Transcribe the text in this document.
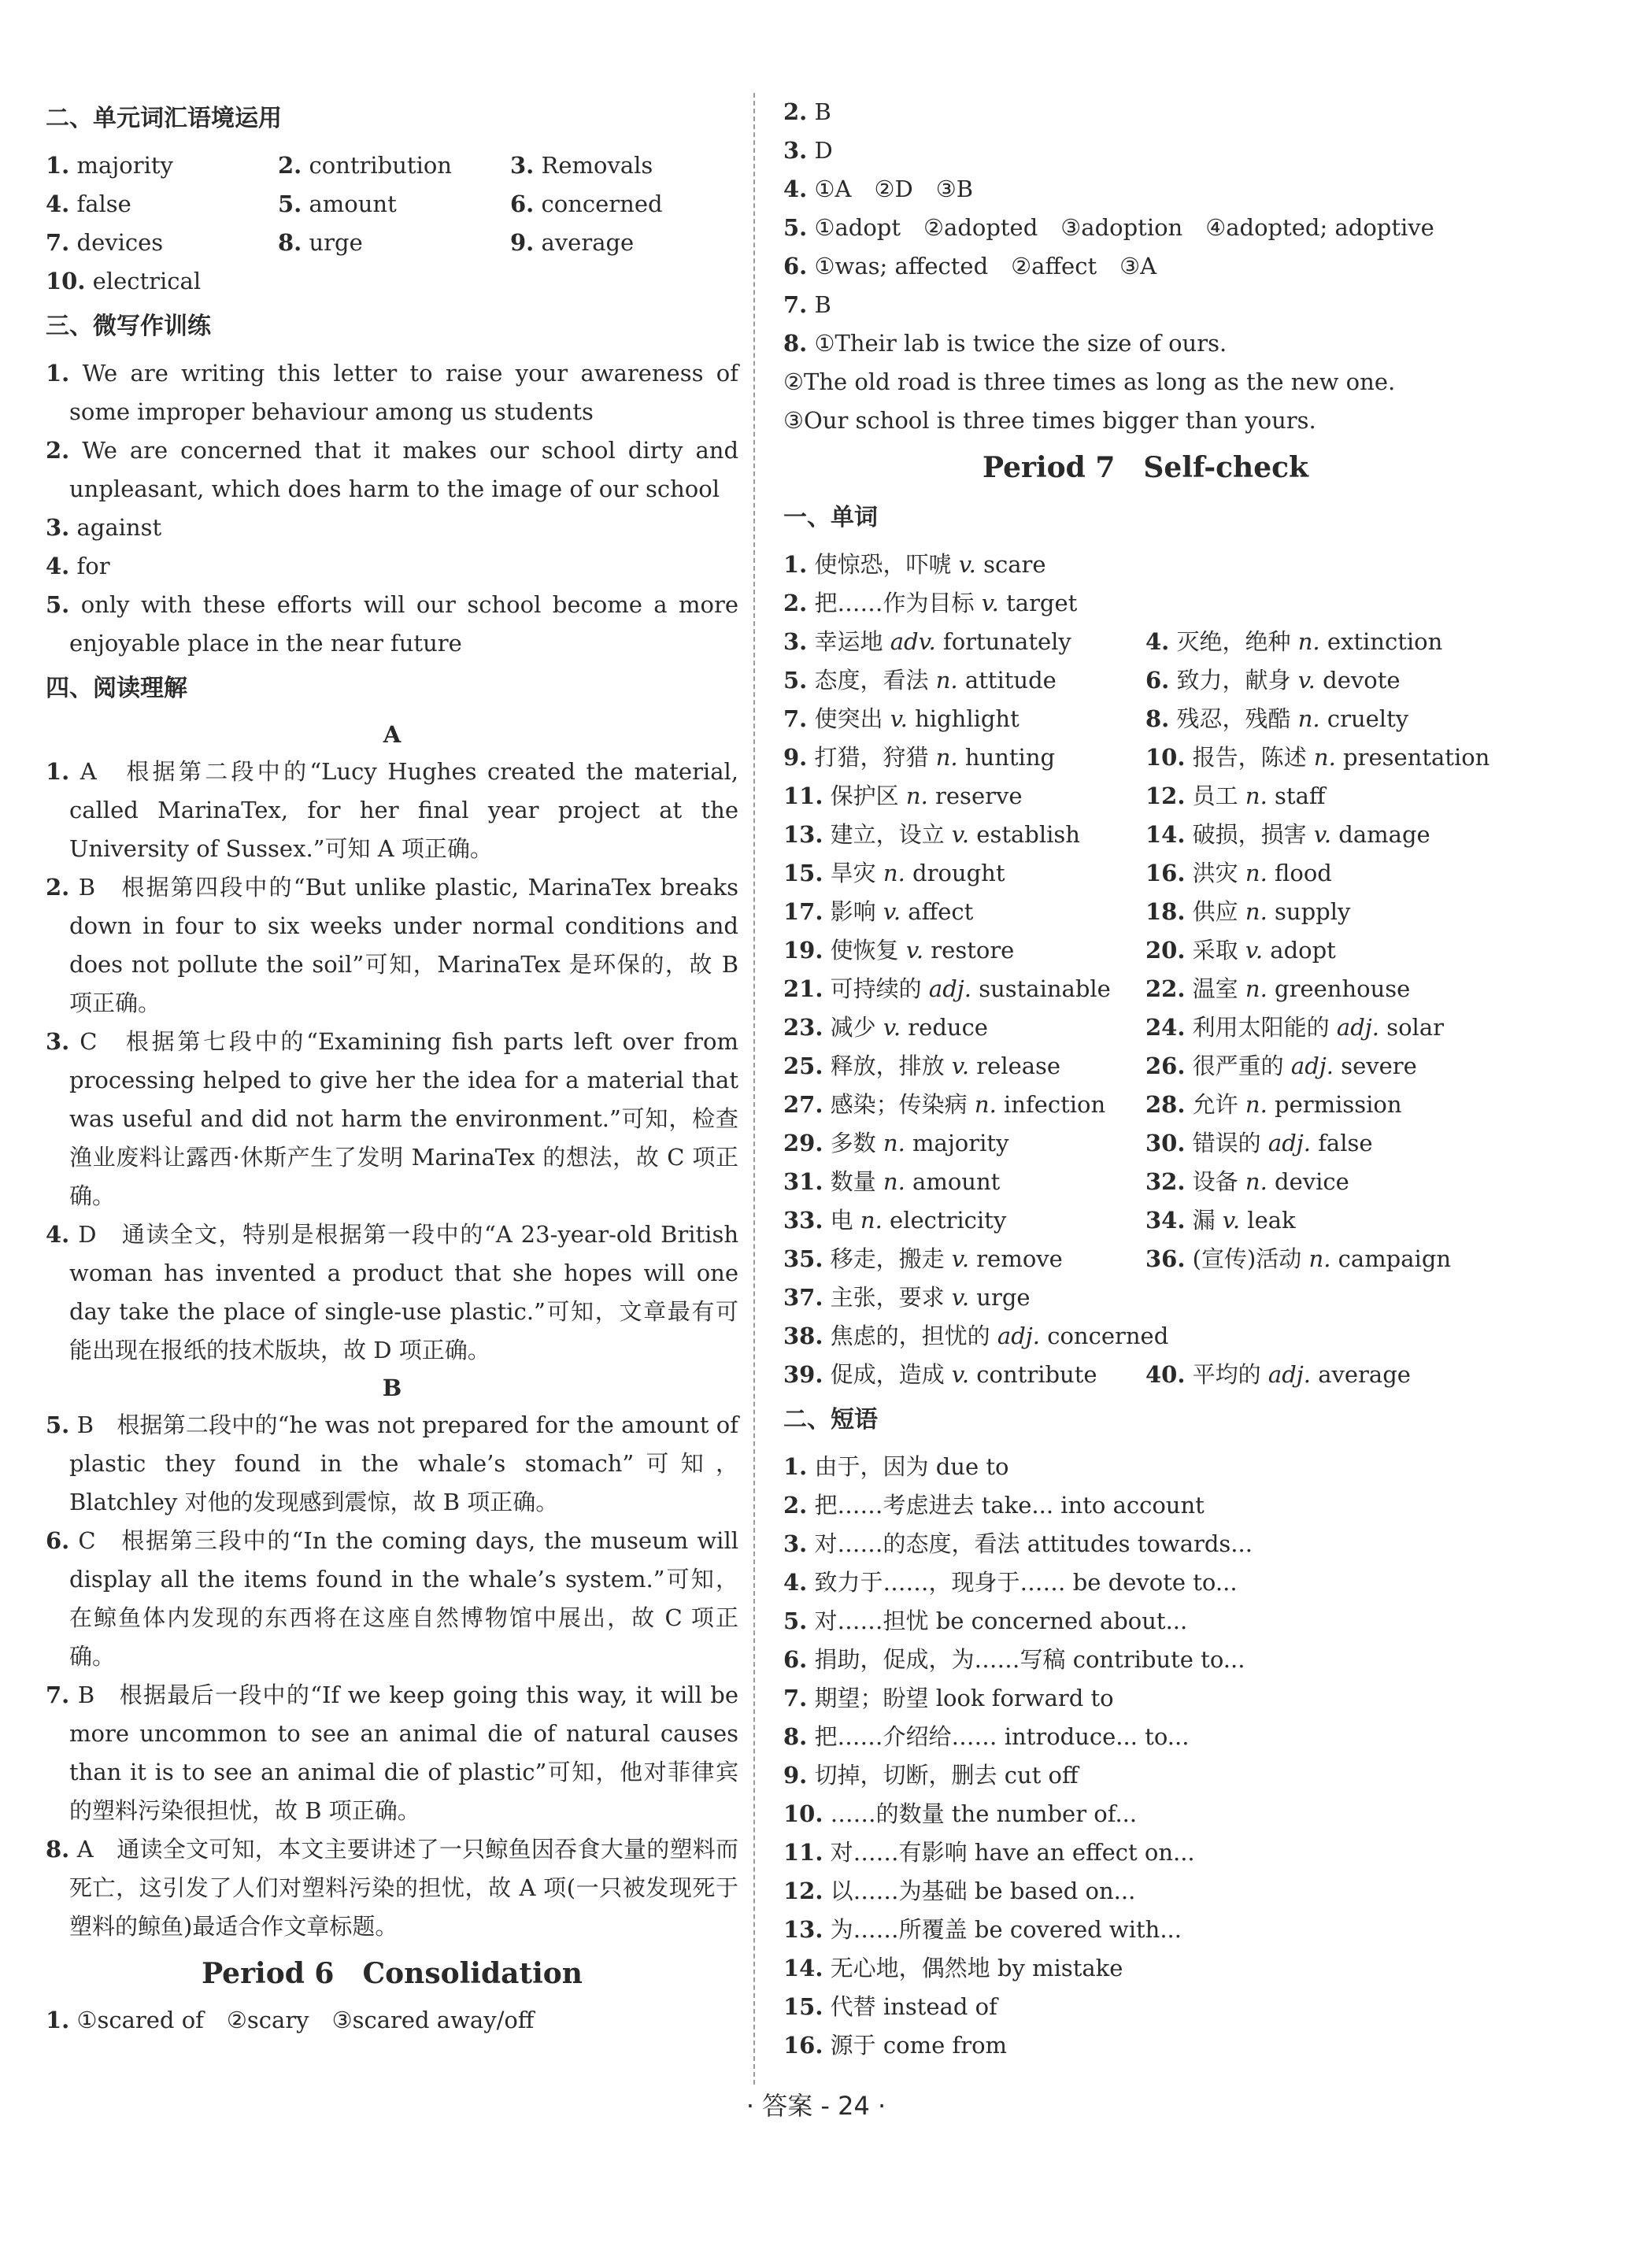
二、单元词汇语境运用
1. majority	2. contribution	3. Removals
4. false	5. amount	6. concerned
7. devices	8. urge	9. average
10. electrical
三、微写作训练
1. We are writing this letter to raise your awareness of some improper behaviour among us students
2. We are concerned that it makes our school dirty and unpleasant, which does harm to the image of our school
3. against
4. for
5. only with these efforts will our school become a more enjoyable place in the near future
四、阅读理解
A
1. A　根据第二段中的“Lucy Hughes created the material, called MarinaTex, for her final year project at the University of Sussex.”可知 A 项正确。
2. B　根据第四段中的“But unlike plastic, MarinaTex breaks down in four to six weeks under normal conditions and does not pollute the soil”可知，MarinaTex 是环保的，故 B 项正确。
3. C　根据第七段中的“Examining fish parts left over from processing helped to give her the idea for a material that was useful and did not harm the environment.”可知，检查渔业废料让露西·休斯产生了发明 MarinaTex 的想法，故 C 项正确。
4. D　通读全文，特别是根据第一段中的“A 23-year-old British woman has invented a product that she hopes will one day take the place of single-use plastic.”可知，文章最有可能出现在报纸的技术版块，故 D 项正确。
B
5. B　根据第二段中的“he was not prepared for the amount of plastic they found in the whale’s stomach”可知，Blatchley 对他的发现感到震惊，故 B 项正确。
6. C　根据第三段中的“In the coming days, the museum will display all the items found in the whale’s system.”可知，在鲸鱼体内发现的东西将在这座自然博物馆中展出，故 C 项正确。
7. B　根据最后一段中的“If we keep going this way, it will be more uncommon to see an animal die of natural causes than it is to see an animal die of plastic”可知，他对菲律宾的塑料污染很担忧，故 B 项正确。
8. A　通读全文可知，本文主要讲述了一只鲸鱼因吞食大量的塑料而死亡，这引发了人们对塑料污染的担忧，故 A 项(一只被发现死于塑料的鲸鱼)最适合作文章标题。
Period 6　Consolidation
1. ①scared of　②scary　③scared away/off
2. B
3. D
4. ①A　②D　③B
5. ①adopt　②adopted　③adoption　④adopted; adoptive
6. ①was; affected　②affect　③A
7. B
8. ①Their lab is twice the size of ours.
②The old road is three times as long as the new one.
③Our school is three times bigger than yours.
Period 7　Self-check
一、单词
1. 使惊恐，吓唬 v. scare
2. 把……作为目标 v. target
3. 幸运地 adv. fortunately	4. 灭绝，绝种 n. extinction
5. 态度，看法 n. attitude	6. 致力，献身 v. devote
7. 使突出 v. highlight	8. 残忍，残酷 n. cruelty
9. 打猎，狩猎 n. hunting	10. 报告，陈述 n. presentation
11. 保护区 n. reserve	12. 员工 n. staff
13. 建立，设立 v. establish	14. 破损，损害 v. damage
15. 旱灾 n. drought	16. 洪灾 n. flood
17. 影响 v. affect	18. 供应 n. supply
19. 使恢复 v. restore	20. 采取 v. adopt
21. 可持续的 adj. sustainable	22. 温室 n. greenhouse
23. 减少 v. reduce	24. 利用太阳能的 adj. solar
25. 释放，排放 v. release	26. 很严重的 adj. severe
27. 感染；传染病 n. infection	28. 允许 n. permission
29. 多数 n. majority	30. 错误的 adj. false
31. 数量 n. amount	32. 设备 n. device
33. 电 n. electricity	34. 漏 v. leak
35. 移走，搬走 v. remove	36. (宣传)活动 n. campaign
37. 主张，要求 v. urge
38. 焦虑的，担忧的 adj. concerned
39. 促成，造成 v. contribute	40. 平均的 adj. average
二、短语
1. 由于，因为 due to
2. 把……考虑进去 take... into account
3. 对……的态度，看法 attitudes towards...
4. 致力于……，现身于…… be devote to...
5. 对……担忧 be concerned about...
6. 捐助，促成，为……写稿 contribute to...
7. 期望；盼望 look forward to
8. 把……介绍给…… introduce... to...
9. 切掉，切断，删去 cut off
10. ……的数量 the number of...
11. 对……有影响 have an effect on...
12. 以……为基础 be based on...
13. 为……所覆盖 be covered with...
14. 无心地，偶然地 by mistake
15. 代替 instead of
16. 源于 come from
· 答案 - 24 ·
